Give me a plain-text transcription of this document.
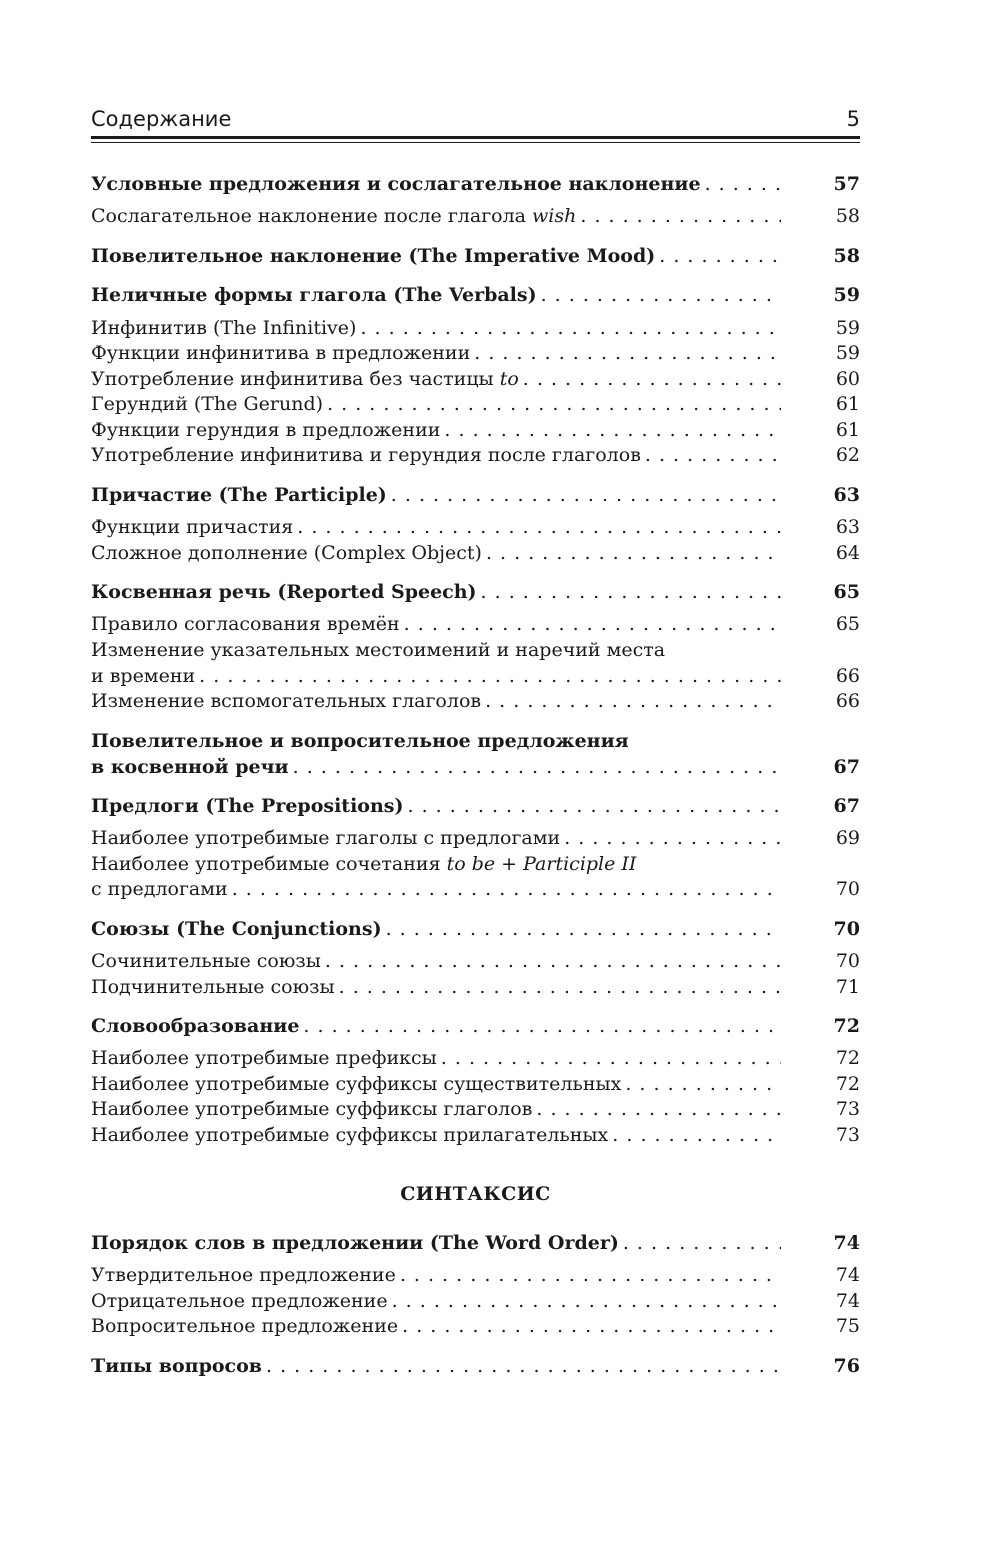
Содержание	5
Условные предложения и сослагательное наклонение . . .	57
Сослагательное наклонение после глагола wish . . .	58
Повелительное наклонение (The Imperative Mood) . . .	58
Неличные формы глагола (The Verbals) . . .	59
Инфинитив (The Infinitive) . . .	59
Функции инфинитива в предложении . . .	59
Употребление инфинитива без частицы to . . .	60
Герундий (The Gerund) . . .	61
Функции герундия в предложении . . .	61
Употребление инфинитива и герундия после глаголов . . .	62
Причастие (The Participle) . . .	63
Функции причастия . . .	63
Сложное дополнение (Complex Object) . . .	64
Косвенная речь (Reported Speech) . . .	65
Правило согласования времён . . .	65
Изменение указательных местоимений и наречий места
и времени . . .	66
Изменение вспомогательных глаголов . . .	66
Повелительное и вопросительное предложения
в косвенной речи . . .	67
Предлоги (The Prepositions) . . .	67
Наиболее употребимые глаголы с предлогами . . .	69
Наиболее употребимые сочетания to be + Participle II
с предлогами . . .	70
Союзы (The Conjunctions) . . .	70
Сочинительные союзы . . .	70
Подчинительные союзы . . .	71
Словообразование . . .	72
Наиболее употребимые префиксы . . .	72
Наиболее употребимые суффиксы существительных . . .	72
Наиболее употребимые суффиксы глаголов . . .	73
Наиболее употребимые суффиксы прилагательных . . .	73
СИНТАКСИС
Порядок слов в предложении (The Word Order) . . .	74
Утвердительное предложение . . .	74
Отрицательное предложение . . .	74
Вопросительное предложение . . .	75
Типы вопросов . . .	76
